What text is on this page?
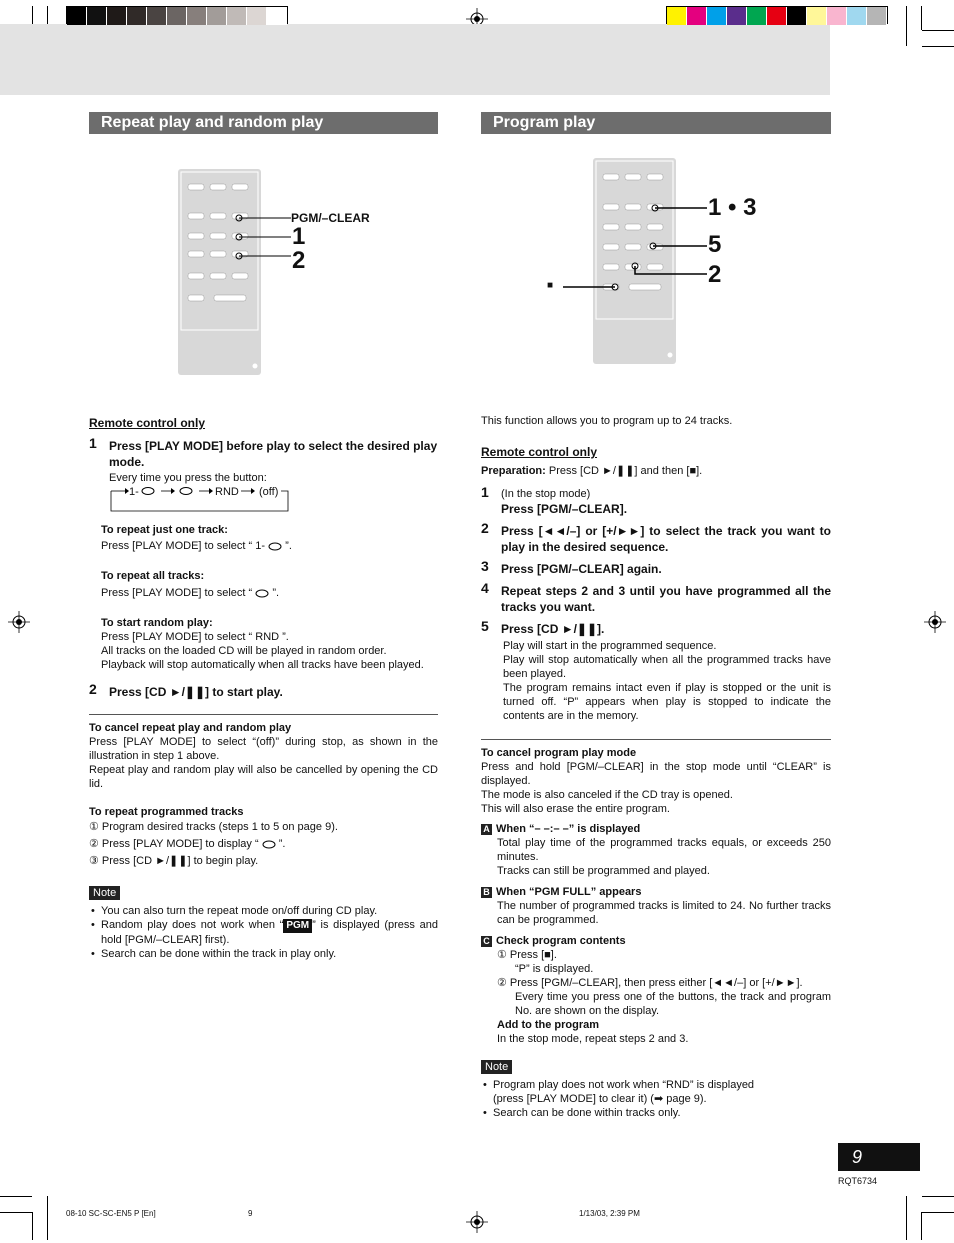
Repeat play and random play	Program play
PGM/–CLEAR
1
2
1 • 3
5
2
■
Remote control only
1 Press [PLAY MODE] before play to select the desired play mode.
Every time you press the button:
1-	RND (off)
To repeat just one track:
Press [PLAY MODE] to select “ 1- ”.
To repeat all tracks:
Press [PLAY MODE] to select “ ”.
To start random play:
Press [PLAY MODE] to select “ RND ”.
All tracks on the loaded CD will be played in random order.
Playback will stop automatically when all tracks have been played.
2 Press [CD ►/❚❚] to start play.
To cancel repeat play and random play
Press [PLAY MODE] to select “(off)” during stop, as shown in the illustration in step 1 above.
Repeat play and random play will also be cancelled by opening the CD lid.
To repeat programmed tracks
① Program desired tracks (steps 1 to 5 on page 9).
② Press [PLAY MODE] to display “ ”.
③ Press [CD ►/❚❚] to begin play.
Note
• You can also turn the repeat mode on/off during CD play.
• Random play does not work when “ PGM ” is displayed (press and hold [PGM/–CLEAR] first).
• Search can be done within the track in play only.
This function allows you to program up to 24 tracks.
Remote control only
Preparation: Press [CD ►/❚❚] and then [■].
1 (In the stop mode)
Press [PGM/–CLEAR].
2 Press [◄◄/–] or [+/►►] to select the track you want to play in the desired sequence.
3 Press [PGM/–CLEAR] again.
4 Repeat steps 2 and 3 until you have programmed all the tracks you want.
5 Press [CD ►/❚❚].
Play will start in the programmed sequence.
Play will stop automatically when all the programmed tracks have been played.
The program remains intact even if play is stopped or the unit is turned off. “P” appears when play is stopped to indicate the contents are in the memory.
To cancel program play mode
Press and hold [PGM/–CLEAR] in the stop mode until “CLEAR” is displayed.
The mode is also canceled if the CD tray is opened.
This will also erase the entire program.
A When “– –:– –” is displayed
Total play time of the programmed tracks equals, or exceeds 250 minutes.
Tracks can still be programmed and played.
B When “PGM FULL” appears
The number of programmed tracks is limited to 24. No further tracks can be programmed.
C Check program contents
① Press [■].
“P” is displayed.
② Press [PGM/–CLEAR], then press either [◄◄/–] or [+/►►].
Every time you press one of the buttons, the track and program No. are shown on the display.
Add to the program
In the stop mode, repeat steps 2 and 3.
Note
• Program play does not work when “RND” is displayed
(press [PLAY MODE] to clear it) (➡ page 9).
• Search can be done within tracks only.
9
RQT6734
08-10 SC-SC-EN5 P [En]	9	1/13/03, 2:39 PM
